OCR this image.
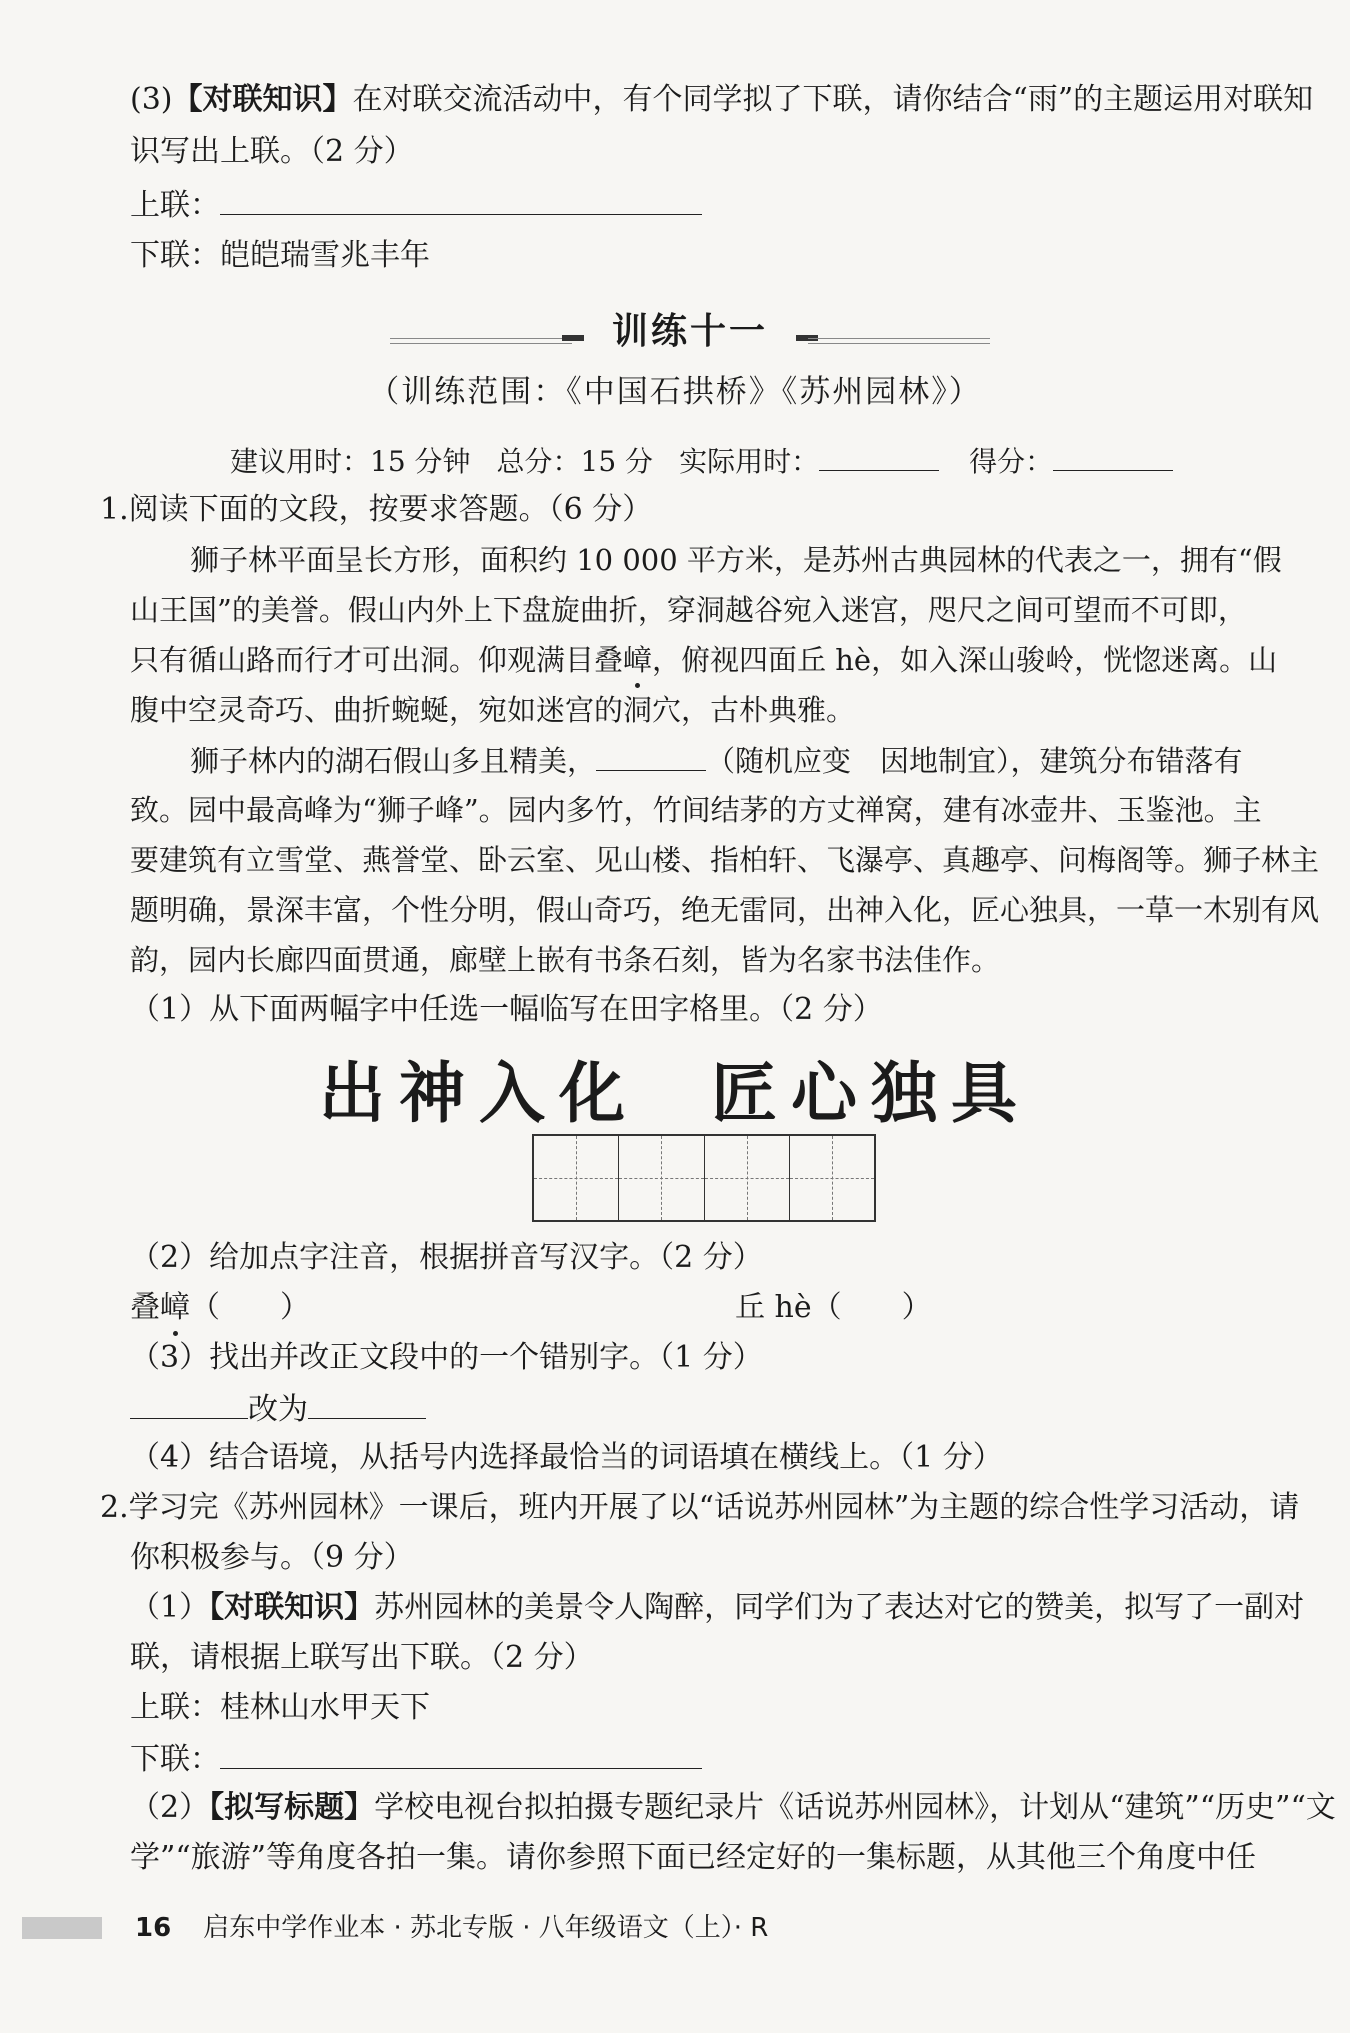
(3)【对联知识】在对联交流活动中，有个同学拟了下联，请你结合“雨”的主题运用对联知
识写出上联。（2 分）
上联：
下联：皑皑瑞雪兆丰年
训练十一
（训练范围：《中国石拱桥》《苏州园林》）
建议用时：15 分钟 总分：15 分 实际用时：	得分：
1.阅读下面的文段，按要求答题。（6 分）
狮子林平面呈长方形，面积约 10 000 平方米，是苏州古典园林的代表之一，拥有“假
山王国”的美誉。假山内外上下盘旋曲折，穿洞越谷宛入迷宫，咫尺之间可望而不可即，
只有循山路而行才可出洞。仰观满目叠嶂，俯视四面丘 hè，如入深山骏岭，恍惚迷离。山
腹中空灵奇巧、曲折蜿蜒，宛如迷宫的洞穴，古朴典雅。
狮子林内的湖石假山多且精美，	（随机应变　因地制宜），建筑分布错落有
致。园中最高峰为“狮子峰”。园内多竹，竹间结茅的方丈禅窝，建有冰壶井、玉鉴池。主
要建筑有立雪堂、燕誉堂、卧云室、见山楼、指柏轩、飞瀑亭、真趣亭、问梅阁等。狮子林主
题明确，景深丰富，个性分明，假山奇巧，绝无雷同，出神入化，匠心独具，一草一木别有风
韵，园内长廊四面贯通，廊壁上嵌有书条石刻，皆为名家书法佳作。
（1）从下面两幅字中任选一幅临写在田字格里。（2 分）
出神入化 匠心独具
（2）给加点字注音，根据拼音写汉字。（2 分）
叠嶂（　　）	丘 hè（　　）
（3）找出并改正文段中的一个错别字。（1 分）
改为
（4）结合语境，从括号内选择最恰当的词语填在横线上。（1 分）
2.学习完《苏州园林》一课后，班内开展了以“话说苏州园林”为主题的综合性学习活动，请
你积极参与。（9 分）
（1）【对联知识】苏州园林的美景令人陶醉，同学们为了表达对它的赞美，拟写了一副对
联，请根据上联写出下联。（2 分）
上联：桂林山水甲天下
下联：
（2）【拟写标题】学校电视台拟拍摄专题纪录片《话说苏州园林》，计划从“建筑”“历史”“文
学”“旅游”等角度各拍一集。请你参照下面已经定好的一集标题，从其他三个角度中任
16 启东中学作业本 · 苏北专版 · 八年级语文（上）· R
